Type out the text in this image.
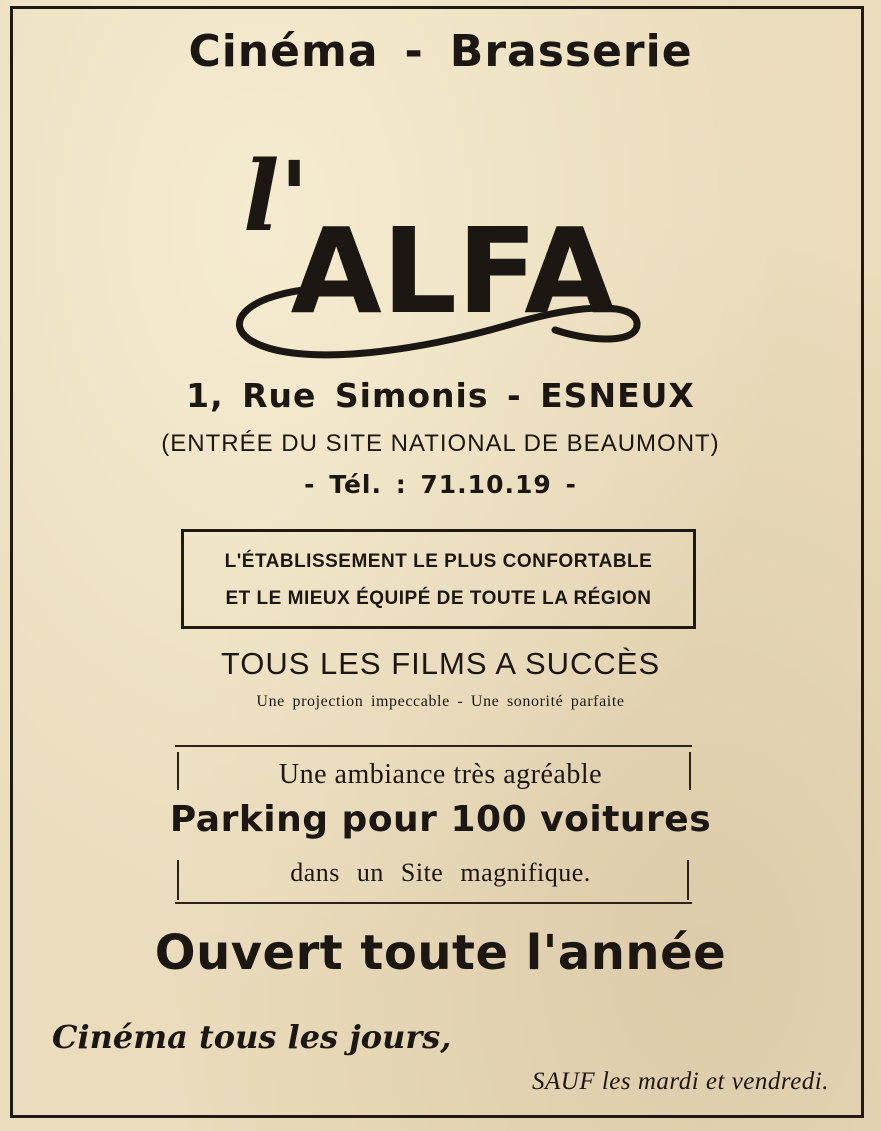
Cinéma - Brasserie
l'
ALFA
1, Rue Simonis - ESNEUX
(ENTRÉE DU SITE NATIONAL DE BEAUMONT)
- Tél. : 71.10.19 -
L'ÉTABLISSEMENT LE PLUS CONFORTABLE
ET LE MIEUX ÉQUIPÉ DE TOUTE LA RÉGION
TOUS LES FILMS A SUCCÈS
Une projection impeccable - Une sonorité parfaite
Une ambiance très agréable
Parking pour 100 voitures
dans un Site magnifique.
Ouvert toute l'année
Cinéma tous les jours,
SAUF les mardi et vendredi.
